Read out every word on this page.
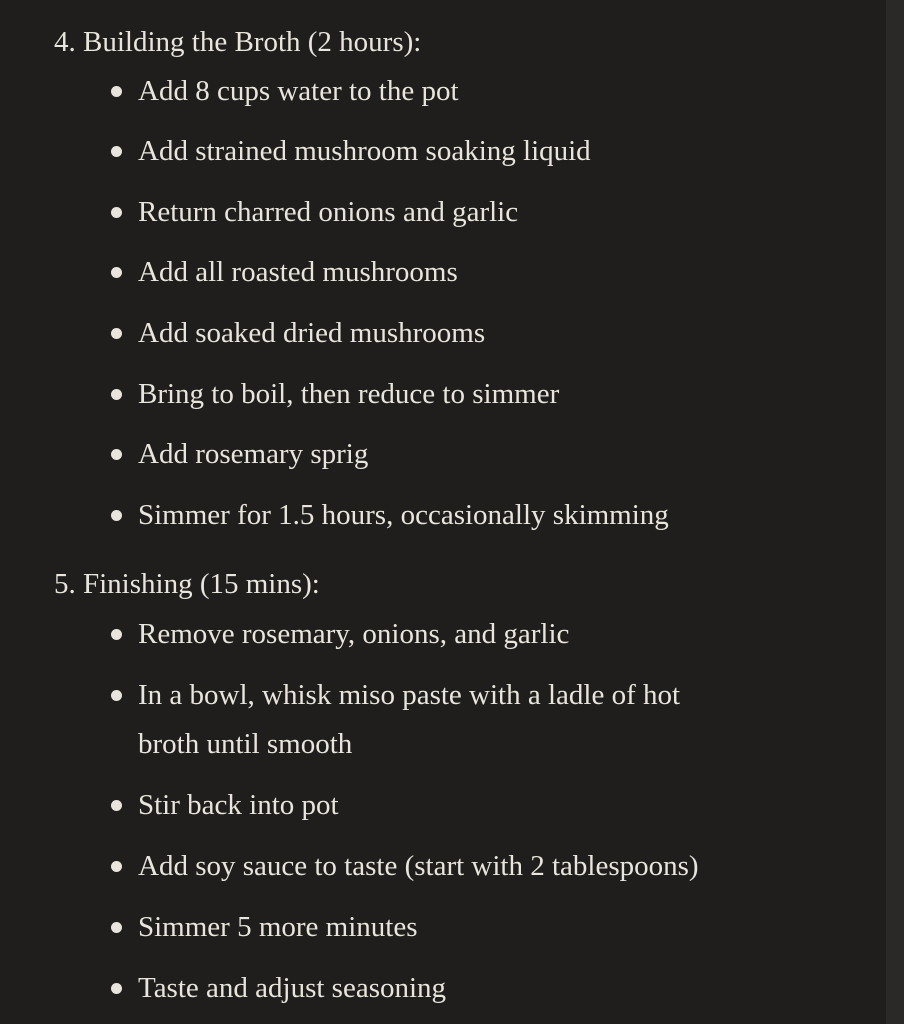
4. Building the Broth (2 hours):
Add 8 cups water to the pot
Add strained mushroom soaking liquid
Return charred onions and garlic
Add all roasted mushrooms
Add soaked dried mushrooms
Bring to boil, then reduce to simmer
Add rosemary sprig
Simmer for 1.5 hours, occasionally skimming
5. Finishing (15 mins):
Remove rosemary, onions, and garlic
In a bowl, whisk miso paste with a ladle of hot
broth until smooth
Stir back into pot
Add soy sauce to taste (start with 2 tablespoons)
Simmer 5 more minutes
Taste and adjust seasoning
